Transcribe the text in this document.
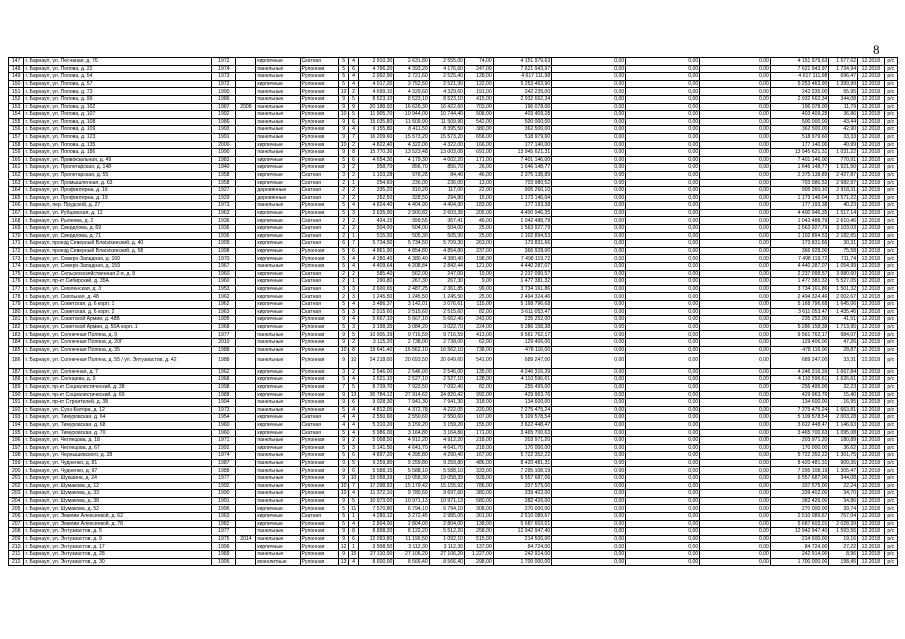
8
147	г. Барнаул, ул. Песчаная, д. 76	1972		кирпичные	Скатная	5	4	2 910,30	2 631,80	2 555,00	74,00	4 151 979,63	0,00	0,00	0,00	4 151 979,63	1 577,62	12.2018	р/с
148	г. Барнаул, ул. Попова, д. 22	1974		панельные	Рулонная	5	6	4 796,20	4 393,20	4 176,60	247,00	7 621 943,97	0,00	0,00	0,00	7 621 943,97	1 734,94	12.2018	р/с
149	г. Барнаул, ул. Попова, д. 54	1973		панельные	Рулонная	5	4	2 992,90	2 721,60	2 525,40	128,00	4 617 111,98	0,00	0,00	0,00	4 617 111,98	696,47	12.2018	р/с
150	г. Барнаул, ул. Попова, д. 57	1972		кирпичные	Рулонная	5	4	4 017,20	3 752,50	2 521,30	122,00	5 253 463,90	0,00	0,00	0,00	5 253 463,90	1 399,99	12.2018	р/с
151	г. Барнаул, ул. Попова, д. 73	1990		панельные	Рулонная	10	2	4 699,10	4 329,60	4 329,60	191,00	242 235,00	0,00	0,00	0,00	242 235,00	55,95	12.2018	р/с
152	г. Барнаул, ул. Попова, д. 99	1986		панельные	Рулонная	9	5	8 523,10	8 523,10	8 523,10	415,00	2 932 662,34	0,00	0,00	0,00	2 932 662,34	344,08	12.2018	р/с
153	г. Барнаул, ул. Попова, д. 102	1987	2008	панельные	Рулонная	9	9	20 188,00	16 626,30	16 422,60	703,00	196 078,00	0,00	0,00	0,00	196 078,00	11,79	12.2018	р/с
154	г. Барнаул, ул. Попова, д. 107	1992		панельные	Рулонная	10	5	11 905,70	10 944,00	10 744,40	508,00	403 409,28	0,00	0,00	0,00	403 409,28	36,86	12.2018	р/с
155	г. Барнаул, ул. Попова, д. 108	1986		панельные	Рулонная	9	6	15 035,80	11 509,90	11 509,90	542,00	500 000,00	0,00	0,00	0,00	500 000,00	43,44	12.2018	р/с
156	г. Барнаул, ул. Попова, д. 109	1993		панельные	Рулонная	9	4	9 155,80	8 411,50	8 395,50	380,00	362 500,00	0,00	0,00	0,00	362 500,00	42,90	12.2018	р/с
157	г. Барнаул, ул. Попова, д. 123	1991		панельные	Рулонная	9	7	16 209,60	15 573,20	15 573,20	658,00	518 979,60	0,00	0,00	0,00	518 979,60	33,33	12.2018	р/с
158	г. Барнаул, ул. Попова, д. 135	2000		кирпичные	Рулонная	10	2	4 822,40	4 322,00	4 322,00	166,00	177 140,00	0,00	0,00	0,00	177 140,00	40,99	12.2018	р/с
159	г. Барнаул, ул. Попова, д. 186	1990		панельные	Рулонная	9	8	15 770,36	13 523,48	13 003,08	691,00	13 945 621,31	0,00	0,00	0,00	13 945 621,31	1 031,22	12.2018	р/с
160	г. Барнаул, ул. Привокзальная, д. 49	1983		кирпичные	Рулонная	5	6	4 654,30	4 179,30	4 002,20	171,00	7 401 146,00	0,00	0,00	0,00	7 401 146,00	770,91	12.2018	р/с
161	г. Барнаул, ул. Пролетарская, д. 148	1940		кирпичные	Рулонная	3	2	958,70	856,70	856,70	26,00	1 646 148,77	0,00	0,00	0,00	1 646 148,77	1 921,50	12.2018	р/с
162	г. Барнаул, ул. Пролетарская, д. 55	1958		кирпичные	Скатная	3	2	1 103,28	978,28	84,40	46,00	2 375 138,89	0,00	0,00	0,00	2 375 138,89	2 427,87	12.2018	р/с
163	г. Барнаул, ул. Промышленная, д. 63	1958		кирпичные	Скатная	2	1	254,60	236,00	236,00	13,00	703 980,52	0,00	0,00	0,00	703 980,52	2 982,97	12.2018	р/с
164	г. Барнаул, ул. Профинтерна, д. 16	1927		деревянные	Скатная	2	2	335,20	310,20	117,00	22,00	905 260,10	0,00	0,00	0,00	905 260,10	2 918,31	12.2018	р/с
165	г. Барнаул, ул. Профинтерна, д. 19	1929		деревянные	Скатная	2	2	352,50	328,50	294,80	15,00	1 173 146,04	0,00	0,00	0,00	1 173 146,04	3 571,22	12.2018	р/с
166	г. Барнаул, пер. Прудской, д. 27	1973		панельные	Рулонная	5	4	4 824,40	4 404,90	4 404,90	183,00	177 193,38	0,00	0,00	0,00	177 193,38	40,23	12.2018	р/с
167	г. Барнаул, ул. Рубцовская, д. 12	1963		кирпичные	Рулонная	5	3	3 635,90	2 900,82	2 603,38	205,00	4 400 946,35	0,00	0,00	0,00	4 400 946,35	1 517,14	12.2018	р/с
168	г. Барнаул, ул. Рылеева, д. 2	1936		кирпичные	Скатная	2	2	424,15	399,55	367,41	46,00	1 042 488,79	0,00	0,00	0,00	1 042 488,79	2 610,46	12.2018	р/с
169	г. Барнаул, ул. Свердлова, д. 69	1936		кирпичные	Скатная	2	2	504,00	504,00	504,00	25,00	1 563 927,79	0,00	0,00	0,00	1 563 927,79	3 103,03	12.2018	р/с
170	г. Барнаул, ул. Свердлова, д. 71	1936		кирпичные	Скатная	2	1	515,30	505,30	505,30	25,00	1 102 894,53	0,00	0,00	0,00	1 102 894,53	2 182,65	12.2018	р/с
171	г. Барнаул, проезд Северный Власихинский, д. 40	1999		кирпичные	Скатная	6	7	5 734,50	5 734,50	5 709,30	263,00	173 831,66	0,00	0,00	0,00	173 831,66	30,31	12.2018	р/с
172	г. Барнаул, проезд Северный Власихинский, д. 58	1998		кирпичные	Рулонная	5	6	4 861,90	4 854,80	4 854,80	237,00	366 928,00	0,00	0,00	0,00	366 928,00	75,58	12.2018	р/с
173	г. Барнаул, ул. Северо-Западная, д. 160	1970		кирпичные	Рулонная	5	4	4 380,40	4 380,40	4 380,40	198,00	7 498 119,72	0,00	0,00	0,00	7 498 119,72	711,74	12.2018	р/с
174	г. Барнаул, ул. Северо-Западная, д. 159	1967		панельные	Рулонная	5	4	4 409,64	4 208,84	2 842,44	121,00	4 440 287,07	0,00	0,00	0,00	4 440 287,07	1 054,99	12.2018	р/с
175	г. Барнаул, ул. Сельскохозяйственная 2-я, д. 8	1960		кирпичные	Скатная	2	2	585,40	562,00	247,00	19,00	2 237 099,57	0,00	0,00	0,00	2 237 099,57	3 980,60	12.2018	р/с
176	г. Барнаул, пр-кт Сибирский, д. 35А	1960		кирпичные	Скатная	2	1	290,80	267,30	267,30	9,00	1 477 381,32	0,00	0,00	0,00	1 477 381,32	5 527,05	12.2018	р/с
177	г. Барнаул, ул. Смоленская, д. 3	1953		кирпичные	Скатная	3	3	2 600,65	2 487,25	2 361,85	99,00	3 734 161,86	0,00	0,00	0,00	3 734 161,86	1 501,32	12.2018	р/с
178	г. Барнаул, ул. Смольная, д. 48	1962		кирпичные	Скатная	2	3	1 245,50	1 245,50	1 245,50	25,00	2 494 324,46	0,00	0,00	0,00	2 494 324,46	2 002,67	12.2018	р/с
179	г. Барнаул, ул. Советская, д. 6 корп. 1	1962		кирпичные	Скатная	5	4	3 486,37	3 142,01	3 076,61	115,00	5 168 796,68	0,00	0,00	0,00	5 168 796,68	1 645,06	12.2018	р/с
180	г. Барнаул, ул. Советская, д. 6 корп. 2	1963		кирпичные	Скатная	5	3	2 515,60	2 515,60	2 515,60	82,00	3 611 053,47	0,00	0,00	0,00	3 611 053,47	1 435,46	12.2018	р/с
181	г. Барнаул, ул. Советской Армии, д. 48В	1995		кирпичные	Рулонная	9	4	5 667,10	5 667,10	5 662,40	243,00	235 252,00	0,00	0,00	0,00	235 252,00	41,51	12.2018	р/с
182	г. Барнаул, ул. Советской Армии, д. 50А корп. 1	1968		кирпичные	Рулонная	5	3	3 198,35	3 084,20	3 022,70	224,00	5 286 158,38	0,00	0,00	0,00	5 286 158,38	1 713,95	12.2018	р/с
183	г. Барнаул, ул. Солнечная Поляна, д. 9	1977		панельные	Рулонная	9	5	10 905,39	9 716,59	9 716,59	413,00	9 561 762,17	0,00	0,00	0,00	9 561 762,17	984,07	12.2018	р/с
184	г. Барнаул, ул. Солнечная Поляна, д. 20Г	2010		панельные	Рулонная	9	2	3 115,20	2 738,00	2 738,00	62,00	129 406,00	0,00	0,00	0,00	129 406,00	47,26	12.2018	р/с
185	г. Барнаул, ул. Солнечная Поляна, д. 35	1988		панельные	Рулонная	10	8	19 641,40	16 562,10	16 562,10	738,00	478 116,00	0,00	0,00	0,00	478 116,00	28,87	12.2018	р/с
186	г. Барнаул, ул. Солнечная Поляна, д. 55 / ул. Энтузиастов, д. 42	1988		панельные	Рулонная	9	10	24 218,00	20 693,50	20 649,60	541,00	689 247,00	0,00	0,00	0,00	689 247,00	33,31	12.2018	р/с
187	г. Барнаул, ул. Солнечная, д. 7	1962		кирпичные	Рулонная	3	2	2 546,00	2 546,00	2 546,00	135,00	4 246 316,39	0,00	0,00	0,00	4 246 316,39	1 667,84	12.2018	р/с
188	г. Барнаул, ул. Солнцева, д. 9	1968		кирпичные	Рулонная	5	4	2 521,10	2 527,10	2 527,10	128,00	4 110 596,61	0,00	0,00	0,00	4 110 596,61	1 626,61	12.2018	р/с
189	г. Барнаул, пр-кт Социалистический, д. 38	1998		кирпичные	Рулонная	7	5	8 739,70	7 923,50	7 092,40	82,00	255 495,00	0,00	0,00	0,00	255 495,00	32,23	12.2018	р/с
190	г. Барнаул, пр-кт Социалистический, д. 69	1988		кирпичные	Рулонная	9	13	30 784,12	27 914,62	24 820,42	992,00	429 963,76	0,00	0,00	0,00	429 963,76	15,40	12.2018	р/с
191	г. Барнаул, пр-кт Строителей, д. 38	1994		панельные	Рулонная	9	6	9 028,30	7 941,30	7 941,30	318,00	134 600,00	0,00	0,00	0,00	134 600,00	16,95	12.2018	р/с
192	г. Барнаул, ул. Сухэ-Батора, д. 12	1973		панельные	Рулонная	5	4	4 812,05	4 372,78	4 222,05	220,00	7 275 475,24	0,00	0,00	0,00	7 275 475,24	1 663,81	12.2018	р/с
193	г. Барнаул, ул. Тимуровская, д. 64	1954		кирпичные	Скатная	4	4	2 550,60	2 550,60	2 550,60	107,00	5 109 578,54	0,00	0,00	0,00	5 109 578,54	2 003,28	12.2018	р/с
194	г. Барнаул, ул. Тимуровская, д. 68	1960		кирпичные	Скатная	4	4	5 310,20	3 159,20	3 159,20	155,00	3 622 448,47	0,00	0,00	0,00	3 622 448,47	1 146,63	12.2018	р/с
195	г. Барнаул, ул. Тимуровская, д. 70	1960		кирпичные	Скатная	5	4	5 986,00	3 164,80	3 164,80	171,00	3 465 700,63	0,00	0,00	0,00	3 465 700,63	1 095,08	12.2018	р/с
196	г. Барнаул, ул. Чеглецова, д. 18	1971		панельные	Рулонная	9	2	5 008,50	4 912,20	4 912,20	218,00	203 971,20	0,00	0,00	0,00	203 971,20	180,89	12.2018	р/с
197	г. Барнаул, ул. Чеглецова, д. 67	1992		кирпичные	Рулонная	5	3	5 141,50	4 641,70	4 641,70	218,00	170 000,00	0,00	0,00	0,00	170 000,00	36,62	12.2018	р/с
198	г. Барнаул, ул. Чернышевского, д. 28	1974		панельные	Рулонная	5	6	4 897,20	4 395,80	4 290,40	167,00	5 722 352,22	0,00	0,00	0,00	5 722 352,22	1 301,75	12.2018	р/с
199	г. Барнаул, ул. Чудненко, д. 81	1987		панельные	Рулонная	9	5	9 259,80	9 259,80	9 259,80	486,00	8 420 481,31	0,00	0,00	0,00	8 420 481,31	909,36	12.2018	р/с
200	г. Барнаул, ул. Чудненко, д. 97	1988		панельные	Рулонная	9	6	5 588,15	5 588,10	5 588,10	333,00	7 295 108,19	0,00	0,00	0,00	7 295 108,19	1 305,47	12.2018	р/с
201	г. Барнаул, ул. Шукшина, д. 24	1977		панельные	Рулонная	9	10	19 058,39	19 058,39	19 058,39	928,00	6 557 687,06	0,00	0,00	0,00	6 557 687,06	344,08	12.2018	р/с
202	г. Барнаул, ул. Шумакова, д. 12	1992		панельные	Рулонная	10	7	17 298,92	15 179,42	15 155,92	786,00	337 575,00	0,00	0,00	0,00	337 575,00	22,24	12.2018	р/с
203	г. Барнаул, ул. Шумакова, д. 33	1990		панельные	Рулонная	10	4	11 372,10	9 780,60	9 697,60	380,00	339 402,00	0,00	0,00	0,00	339 402,00	34,70	12.2018	р/с
204	г. Барнаул, ул. Шумакова, д. 38	1991		панельные	Рулонная	9	5	10 973,00	10 971,13	10 971,13	580,00	382 426,00	0,00	0,00	0,00	382 426,00	34,86	12.2018	р/с
205	г. Барнаул, ул. Шумакова, д. 52	1996		кирпичные	Рулонная	5	11	7 570,80	6 794,10	6 794,10	308,00	270 000,00	0,00	0,00	0,00	270 000,00	39,74	12.2018	р/с
206	г. Барнаул, ул. Эмилии Алексеевой, д. 62	1963		кирпичные	Скатная	5	1	4 280,12	3 272,45	2 985,05	301,00	2 510 089,67	0,00	0,00	0,00	2 510 089,67	767,04	12.2018	р/с
207	г. Барнаул, ул. Эмилии Алексеевой, д. 78	1982		кирпичные	Рулонная	5	4	2 804,00	2 804,00	2 804,00	138,00	5 687 603,01	0,00	0,00	0,00	5 687 603,01	2 028,39	12.2018	р/с
208	г. Барнаул, ул. Энтузиастов, д. 5	1977		панельные	Рулонная	9	8	8 898,20	8 122,20	5 512,20	258,00	12 942 947,40	0,00	0,00	0,00	12 942 947,40	1 593,56	12.2018	р/с
209	г. Барнаул, ул. Энтузиастов, д. 9	1975	2014	панельные	Рулонная	9	6	12 093,80	11 196,50	1 092,10	515,00	214 500,00	0,00	0,00	0,00	214 500,00	19,16	12.2018	р/с
210	г. Барнаул, ул. Энтузиастов, д. 17	1996		кирпичные	Рулонная	12	1	3 998,50	3 112,30	3 112,30	137,00	84 724,00	0,00	0,00	0,00	84 724,00	27,22	12.2018	р/с
211	г. Барнаул, ул. Энтузиастов, д. 28	1989		панельные	Рулонная	9	15	27 110,00	27 106,20	27 106,20	1 227,00	242 914,00	0,00	0,00	0,00	242 914,00	8,96	12.2018	р/с
212	г. Барнаул, ул. Энтузиастов, д. 30	1995		монолитные	Рулонная	13	4	8 600,00	8 566,40	8 566,40	298,00	1 700 000,00	0,00	0,00	0,00	1 700 000,00	198,45	12.2018	р/с
